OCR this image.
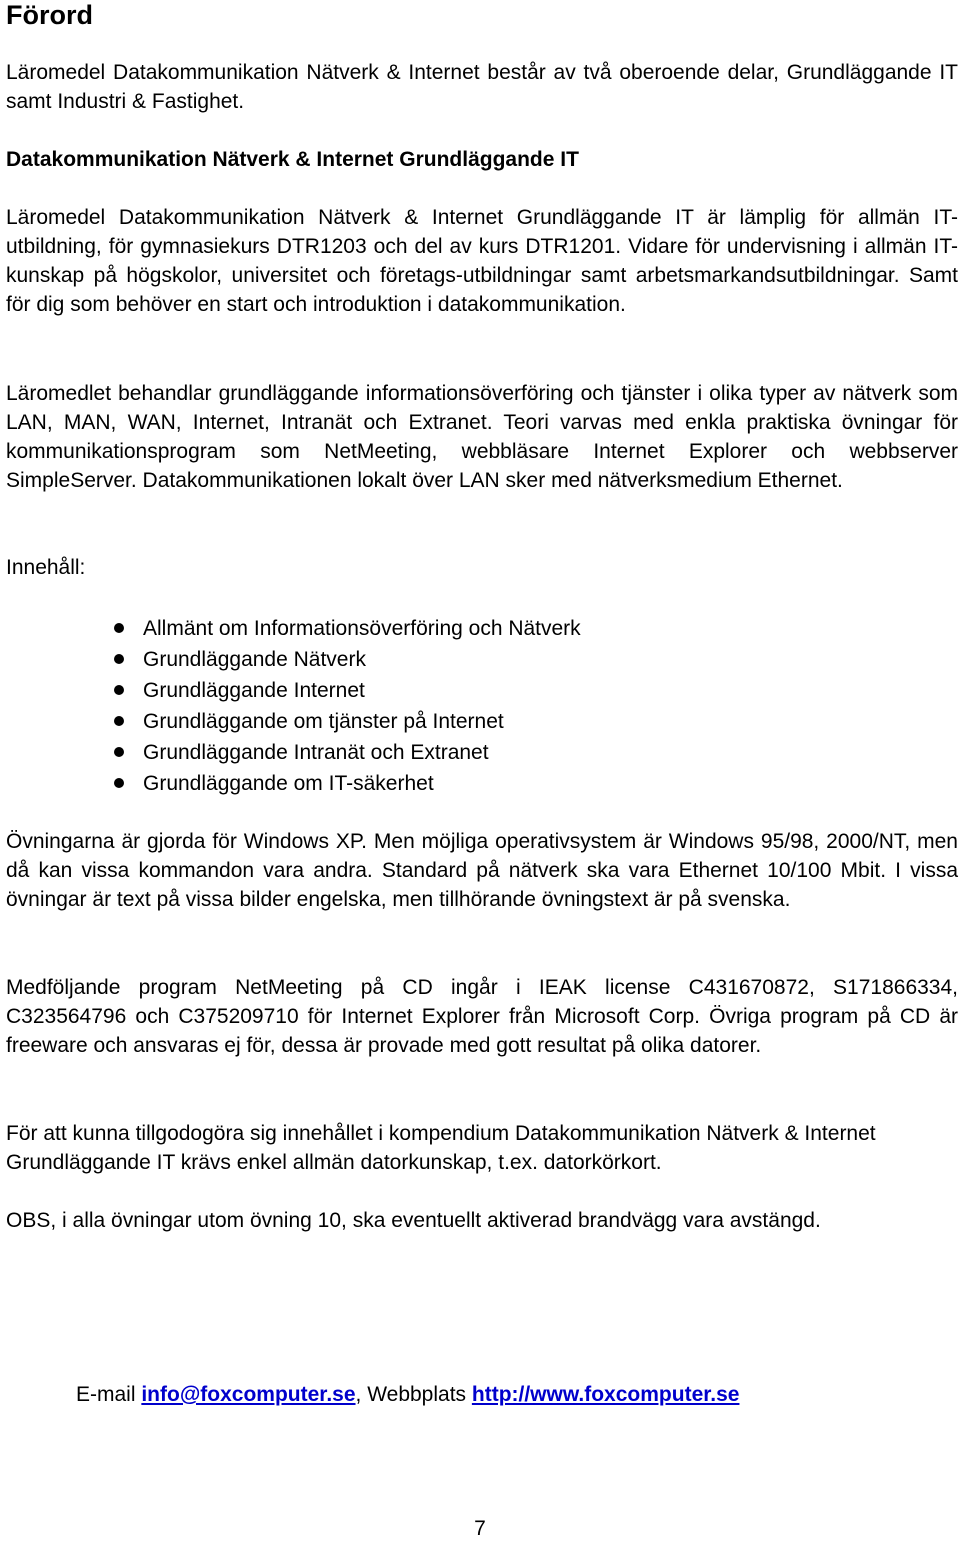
Förord

Läromedel Datakommunikation Nätverk & Internet består av två oberoende delar, Grundläggande IT samt Industri & Fastighet.

Datakommunikation Nätverk & Internet Grundläggande IT

Läromedel Datakommunikation Nätverk & Internet Grundläggande IT är lämplig för allmän IT-utbildning, för gymnasiekurs DTR1203 och del av kurs DTR1201. Vidare för undervisning i allmän IT-kunskap på högskolor, universitet och företags-utbildningar samt arbetsmarkandsutbildningar. Samt för dig som behöver en start och introduktion i datakommunikation.

Läromedlet behandlar grundläggande informationsöverföring och tjänster i olika typer av nätverk som LAN, MAN, WAN, Internet, Intranät och Extranet. Teori varvas med enkla praktiska övningar för kommunikationsprogram som NetMeeting, webbläsare Internet Explorer och webbserver SimpleServer. Datakommunikationen lokalt över LAN sker med nätverksmedium Ethernet.

Innehåll:

Allmänt om Informationsöverföring och Nätverk
Grundläggande Nätverk
Grundläggande Internet
Grundläggande om tjänster på Internet
Grundläggande Intranät och Extranet
Grundläggande om IT-säkerhet

Övningarna är gjorda för Windows XP. Men möjliga operativsystem är Windows 95/98, 2000/NT, men då kan vissa kommandon vara andra. Standard på nätverk ska vara Ethernet 10/100 Mbit. I vissa övningar är text på vissa bilder engelska, men tillhörande övningstext är på svenska.

Medföljande program NetMeeting på CD ingår i IEAK license C431670872, S171866334, C323564796 och C375209710 för Internet Explorer från Microsoft Corp. Övriga program på CD är freeware och ansvaras ej för, dessa är provade med gott resultat på olika datorer.

För att kunna tillgodogöra sig innehållet i kompendium Datakommunikation Nätverk & Internet Grundläggande IT krävs enkel allmän datorkunskap, t.ex. datorkörkort.

OBS, i alla övningar utom övning 10, ska eventuellt aktiverad brandvägg vara avstängd.

E-mail info@foxcomputer.se, Webbplats http://www.foxcomputer.se
7
